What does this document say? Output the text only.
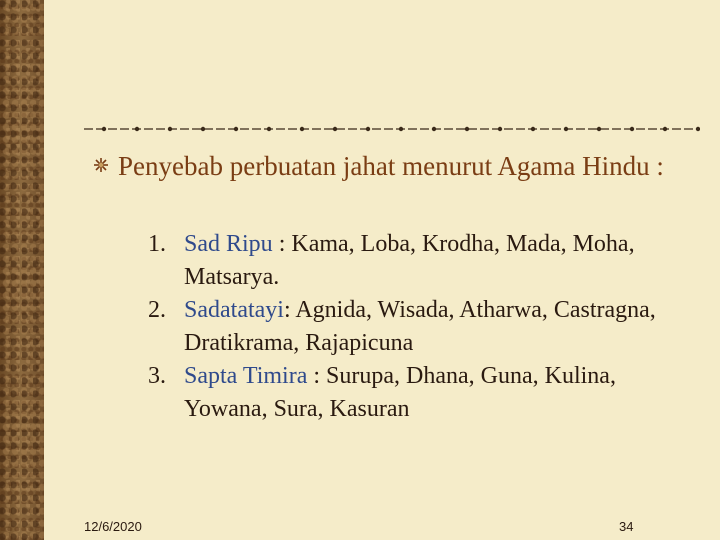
Penyebab perbuatan jahat menurut Agama Hindu :
1. Sad Ripu : Kama, Loba, Krodha, Mada, Moha, Matsarya.
2. Sadatatayi: Agnida, Wisada, Atharwa, Castragna, Dratikrama, Rajapicuna
3. Sapta Timira : Surupa, Dhana, Guna, Kulina, Yowana, Sura, Kasuran
12/6/2020	34
